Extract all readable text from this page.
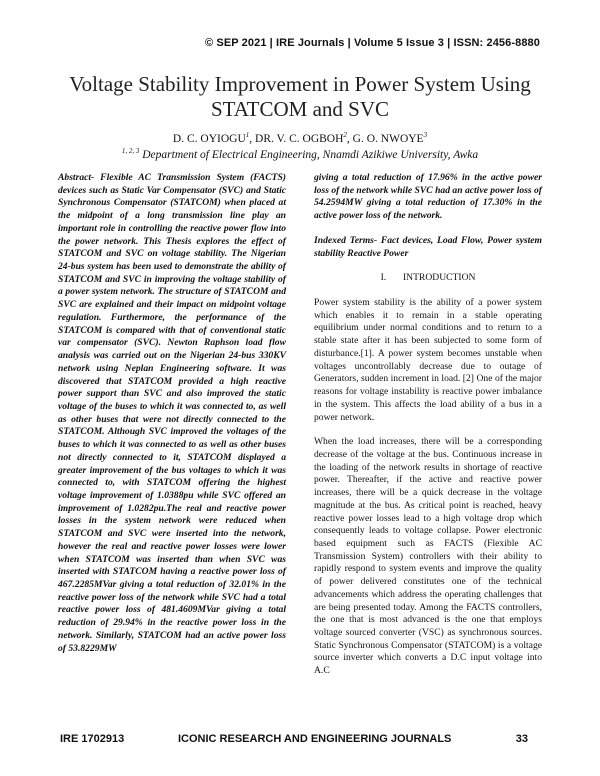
© SEP 2021 | IRE Journals | Volume 5 Issue 3 | ISSN: 2456-8880
Voltage Stability Improvement in Power System Using STATCOM and SVC
D. C. OYIOGU$^1$, DR. V. C. OGBOH$^2$, G. O. NWOYE$^3$
$^{1, 2, 3}$ Department of Electrical Engineering, Nnamdi Azikiwe University, Awka

Abstract- Flexible AC Transmission System (FACTS) devices such as Static Var Compensator (SVC) and Static Synchronous Compensator (STATCOM) when placed at the midpoint of a long transmission line play an important role in controlling the reactive power flow into the power network. This Thesis explores the effect of STATCOM and SVC on voltage stability. The Nigerian 24-bus system has been used to demonstrate the ability of STATCOM and SVC in improving the voltage stability of a power system network. The structure of STATCOM and SVC are explained and their impact on midpoint voltage regulation. Furthermore, the performance of the STATCOM is compared with that of conventional static var compensator (SVC). Newton Raphson load flow analysis was carried out on the Nigerian 24-bus 330KV network using Neplan Engineering software. It was discovered that STATCOM provided a high reactive power support than SVC and also improved the static voltage of the buses to which it was connected to, as well as other buses that were not directly connected to the STATCOM. Although SVC improved the voltages of the buses to which it was connected to as well as other buses not directly connected to it, STATCOM displayed a greater improvement of the bus voltages to which it was connected to, with STATCOM offering the highest voltage improvement of 1.0388pu while SVC offered an improvement of 1.0282pu.The real and reactive power losses in the system network were reduced when STATCOM and SVC were inserted into the network, however the real and reactive power losses were lower when STATCOM was inserted than when SVC was inserted with STATCOM having a reactive power loss of 467.2285MVar giving a total reduction of 32.01% in the reactive power loss of the network while SVC had a total reactive power loss of 481.4609MVar giving a total reduction of 29.94% in the reactive power loss in the network. Similarly, STATCOM had an active power loss of 53.8229MW

giving a total reduction of 17.96% in the active power loss of the network while SVC had an active power loss of 54.2594MW giving a total reduction of 17.30% in the active power loss of the network.

Indexed Terms- Fact devices, Load Flow, Power system stability Reactive Power

I. INTRODUCTION

Power system stability is the ability of a power system which enables it to remain in a stable operating equilibrium under normal conditions and to return to a stable state after it has been subjected to some form of disturbance.[1]. A power system becomes unstable when voltages uncontrollably decrease due to outage of Generators, sudden increment in load. [2] One of the major reasons for voltage instability is reactive power imbalance in the system. This affects the load ability of a bus in a power network.

When the load increases, there will be a corresponding decrease of the voltage at the bus. Continuous increase in the loading of the network results in shortage of reactive power. Thereafter, if the active and reactive power increases, there will be a quick decrease in the voltage magnitude at the bus. As critical point is reached, heavy reactive power losses lead to a high voltage drop which consequently leads to voltage collapse. Power electronic based equipment such as FACTS (Flexible AC Transmission System) controllers with their ability to rapidly respond to system events and improve the quality of power delivered constitutes one of the technical advancements which address the operating challenges that are being presented today. Among the FACTS controllers, the one that is most advanced is the one that employs voltage sourced converter (VSC) as synchronous sources. Static Synchronous Compensator (STATCOM) is a voltage source inverter which converts a D.C input voltage into A.C

IRE 1702913	ICONIC RESEARCH AND ENGINEERING JOURNALS	33
